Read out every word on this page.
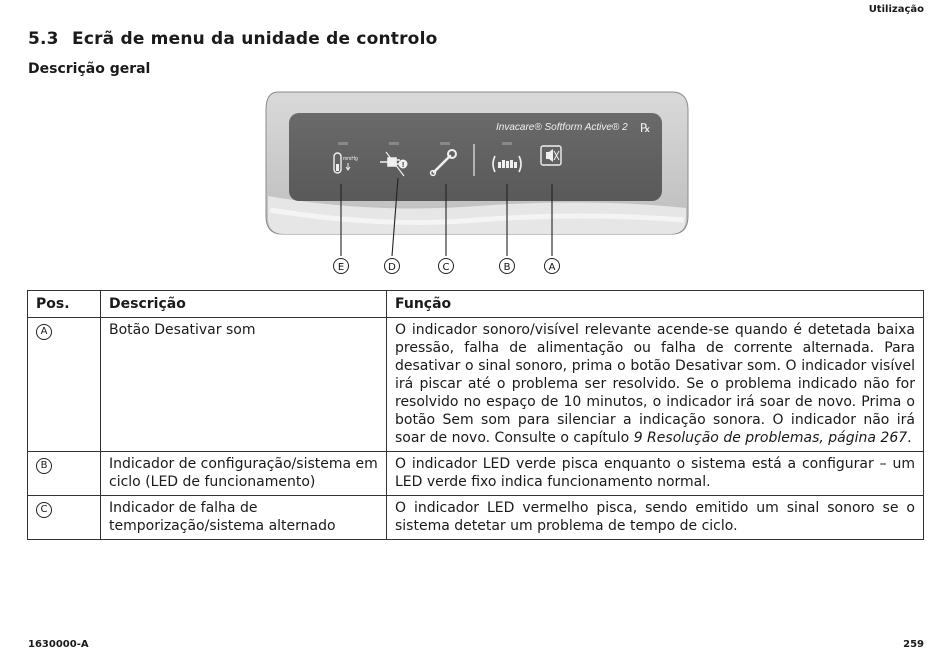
Utilização
5.3 Ecrã de menu da unidade de controlo
Descrição geral
Invacare® Softform Active® 2 ℞
mmHg
!
E	D	C	B	A
Pos.	Descrição	Função
A	Botão Desativar som	O indicador sonoro/visível relevante acende-se quando é detetada baixa pressão, falha de alimentação ou falha de corrente alternada. Para desativar o sinal sonoro, prima o botão Desativar som. O indicador visível irá piscar até o problema ser resolvido. Se o problema indicado não for resolvido no espaço de 10 minutos, o indicador irá soar de novo. Prima o botão Sem som para silenciar a indicação sonora. O indicador não irá soar de novo. Consulte o capítulo 9 Resolução de problemas, página 267.
B	Indicador de configuração/sistema em ciclo (LED de funcionamento)	O indicador LED verde pisca enquanto o sistema está a configurar – um LED verde fixo indica funcionamento normal.
C	Indicador de falha de temporização/sistema alternado	O indicador LED vermelho pisca, sendo emitido um sinal sonoro se o sistema detetar um problema de tempo de ciclo.
1630000-A	259
